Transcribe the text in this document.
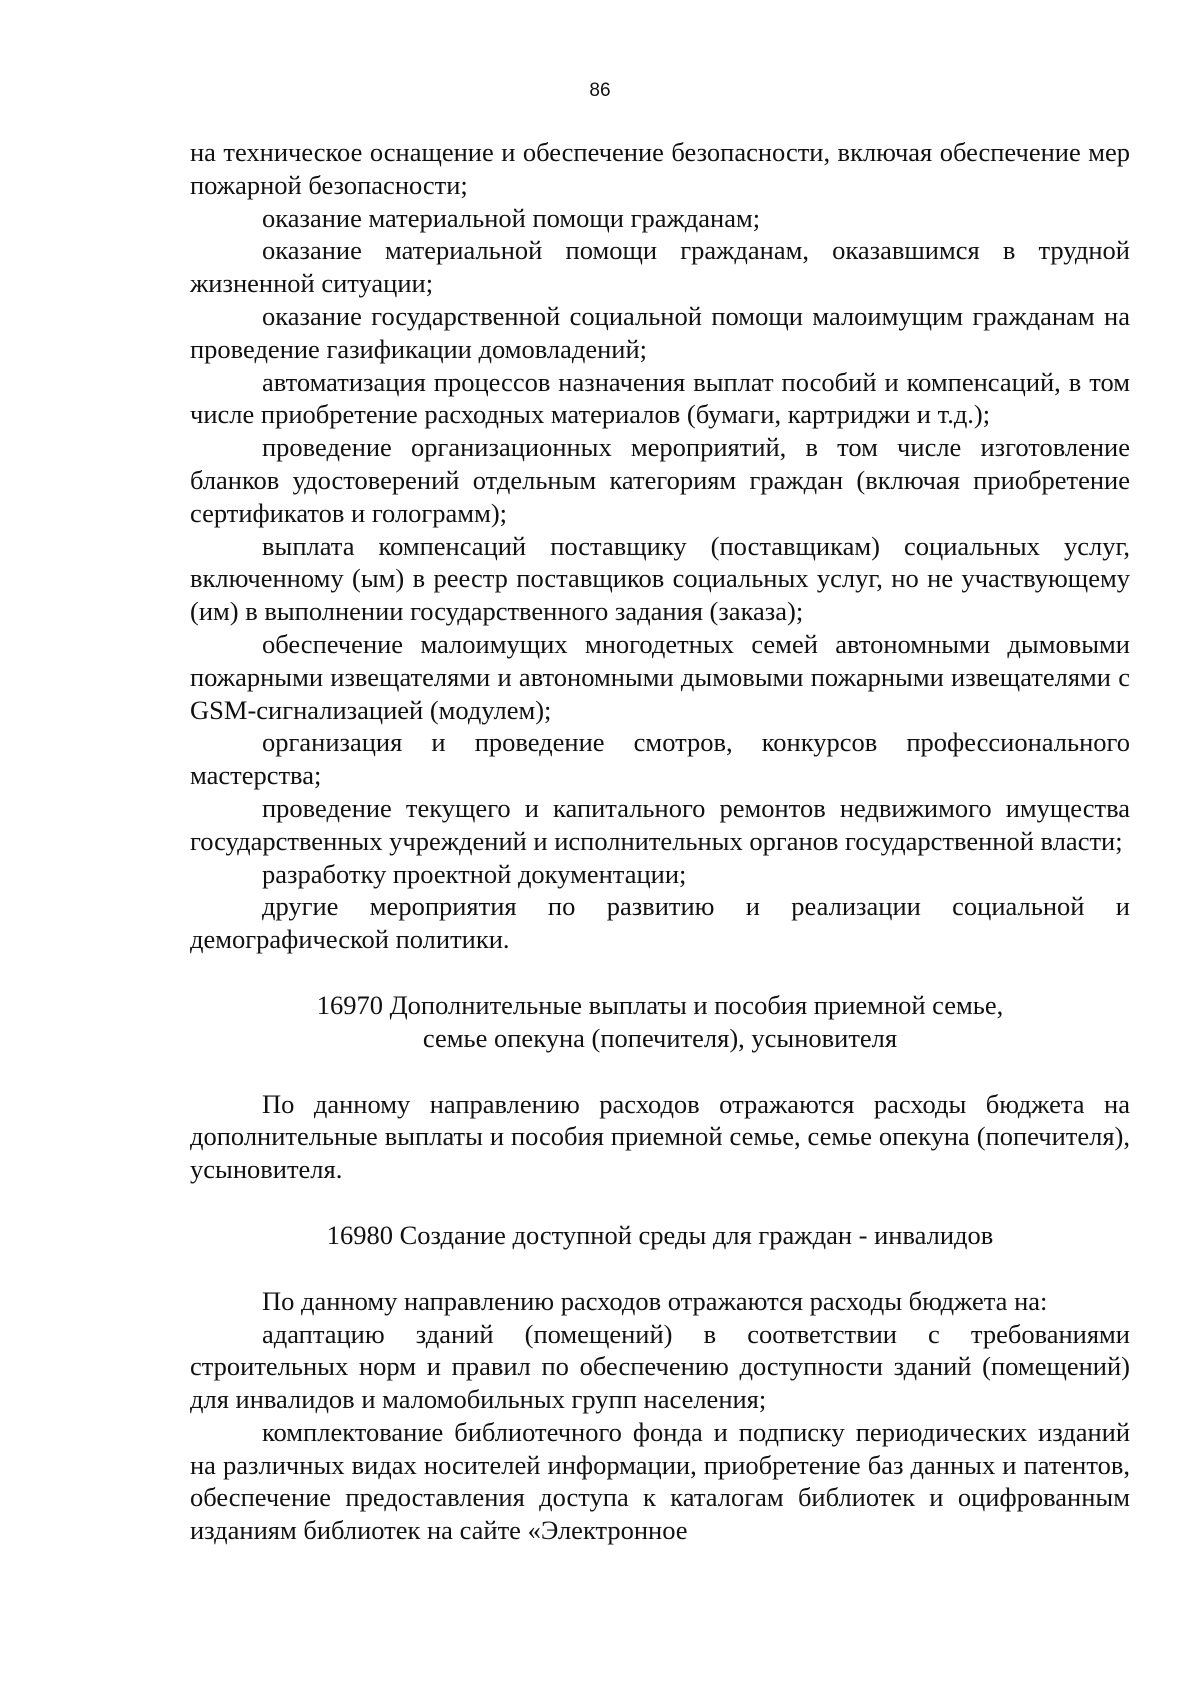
86

на техническое оснащение и обеспечение безопасности, включая обеспечение мер пожарной безопасности;

оказание материальной помощи гражданам;

оказание материальной помощи гражданам, оказавшимся в трудной жизненной ситуации;

оказание государственной социальной помощи малоимущим гражданам на проведение газификации домовладений;

автоматизация процессов назначения выплат пособий и компенсаций, в том числе приобретение расходных материалов (бумаги, картриджи и т.д.);

проведение организационных мероприятий, в том числе изготовление бланков удостоверений отдельным категориям граждан (включая приобретение сертификатов и голограмм);

выплата компенсаций поставщику (поставщикам) социальных услуг, включенному (ым) в реестр поставщиков социальных услуг, но не участвующему (им) в выполнении государственного задания (заказа);

обеспечение малоимущих многодетных семей автономными дымовыми пожарными извещателями и автономными дымовыми пожарными извещателями с GSM-сигнализацией (модулем);

организация и проведение смотров, конкурсов профессионального мастерства;

проведение текущего и капитального ремонтов недвижимого имущества государственных учреждений и исполнительных органов государственной власти;

разработку проектной документации;

другие мероприятия по развитию и реализации социальной и демографической политики.

16970 Дополнительные выплаты и пособия приемной семье,
семье опекуна (попечителя), усыновителя

По данному направлению расходов отражаются расходы бюджета на дополнительные выплаты и пособия приемной семье, семье опекуна (попечителя), усыновителя.

16980 Создание доступной среды для граждан - инвалидов

По данному направлению расходов отражаются расходы бюджета на:

адаптацию зданий (помещений) в соответствии с требованиями строительных норм и правил по обеспечению доступности зданий (помещений) для инвалидов и маломобильных групп населения;

комплектование библиотечного фонда и подписку периодических изданий на различных видах носителей информации, приобретение баз данных и патентов, обеспечение предоставления доступа к каталогам библиотек и оцифрованным изданиям библиотек на сайте «Электронное
